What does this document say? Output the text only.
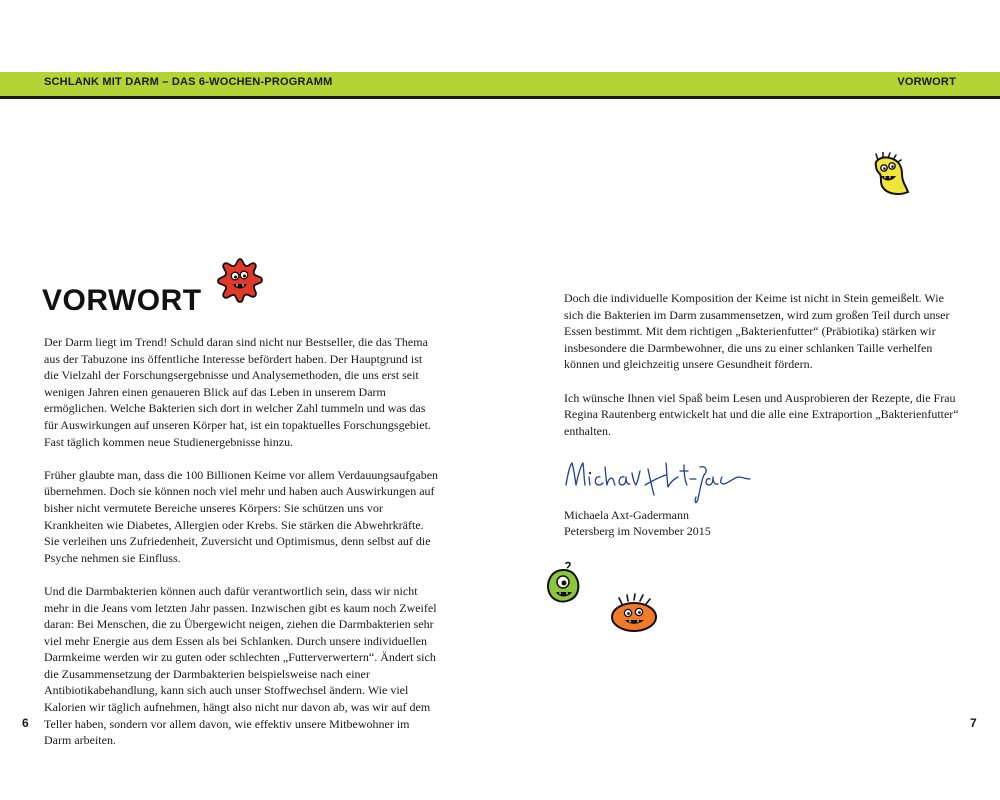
SCHLANK MIT DARM – DAS 6-WOCHEN-PROGRAMM	VORWORT
VORWORT

Der Darm liegt im Trend! Schuld daran sind nicht nur Bestseller, die das Thema aus der Tabuzone ins öffentliche Interesse befördert haben. Der Hauptgrund ist die Vielzahl der Forschungsergebnisse und Analysemethoden, die uns erst seit wenigen Jahren einen genaueren Blick auf das Leben in unserem Darm ermöglichen. Welche Bakterien sich dort in welcher Zahl tummeln und was das für Auswirkungen auf unseren Körper hat, ist ein topaktuelles Forschungsgebiet. Fast täglich kommen neue Studienergebnisse hinzu.

Früher glaubte man, dass die 100 Billionen Keime vor allem Verdauungsaufgaben übernehmen. Doch sie können noch viel mehr und haben auch Auswirkungen auf bisher nicht vermutete Bereiche unseres Körpers: Sie schützen uns vor Krankheiten wie Diabetes, Allergien oder Krebs. Sie stärken die Abwehrkräfte. Sie verleihen uns Zufriedenheit, Zuversicht und Optimismus, denn selbst auf die Psyche nehmen sie Einfluss.

Und die Darmbakterien können auch dafür verantwortlich sein, dass wir nicht mehr in die Jeans vom letzten Jahr passen. Inzwischen gibt es kaum noch Zweifel daran: Bei Menschen, die zu Übergewicht neigen, ziehen die Darmbakterien sehr viel mehr Energie aus dem Essen als bei Schlanken. Durch unsere individuellen Darmkeime werden wir zu guten oder schlechten „Futterverwertern“. Ändert sich die Zusammensetzung der Darmbakterien beispielsweise nach einer Antibiotikabehandlung, kann sich auch unser Stoffwechsel ändern. Wie viel Kalorien wir täglich aufnehmen, hängt also nicht nur davon ab, was wir auf dem Teller haben, sondern vor allem davon, wie effektiv unsere Mitbewohner im Darm arbeiten.

Doch die individuelle Komposition der Keime ist nicht in Stein gemeißelt. Wie sich die Bakterien im Darm zusammensetzen, wird zum großen Teil durch unser Essen bestimmt. Mit dem richtigen „Bakterienfutter“ (Präbiotika) stärken wir insbesondere die Darmbewohner, die uns zu einer schlanken Taille verhelfen können und gleichzeitig unsere Gesundheit fördern.

Ich wünsche Ihnen viel Spaß beim Lesen und Ausprobieren der Rezepte, die Frau Regina Rautenberg entwickelt hat und die alle eine Extraportion „Bakterienfutter“ enthalten.

Michaela Axt-Gadermann
Petersberg im November 2015
6	7
